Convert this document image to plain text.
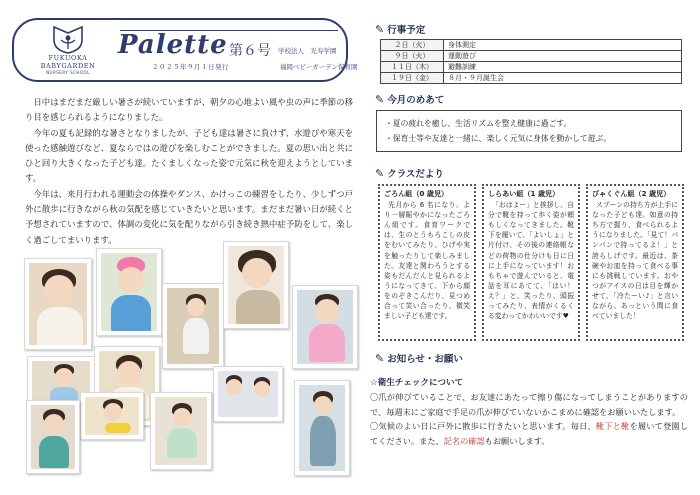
FUKUOKA BABYGARDEN
NURSERY SCHOOL
Palette 第６号 学校法人　光寿学園
２０２５年９月１日発行	福岡ベビーガーデン保育園

日中はまだまだ厳しい暑さが続いていますが、朝夕の心地よい風や虫の声に季節の移り目を感じられるようになりました。

今年の夏も記録的な暑さとなりましたが、子ども達は暑さに負けず、水遊びや寒天を使った感触遊びなど、夏ならではの遊びを楽しむことができました。夏の思い出と共にひと回り大きくなった子ども達。たくましくなった姿で元気に秋を迎えようとしています。

今年は、来月行われる運動会の体操やダンス、かけっこの練習をしたり、少しずつ戸外に散歩に行きながら秋の気配を感じていきたいと思います。まだまだ暑い日が続くと予想されていますので、体調の変化に気を配りながら引き続き熱中症予防をして、楽しく過ごしてまいります。

✎ 行事予定
２日（火）	身体測定
９日（火）	運動遊び
１１日（木）	避難訓練
１９日（金）	８月・９月誕生会
✎ 今月のめあて
・夏の疲れを癒し、生活リズムを整え健康に過ごす。
・保育士等や友達と一緒に、楽しく元気に身体を動かして遊ぶ。
✎ クラスだより
ごろん組（0 歳児）
先月から 6 名になり、より一層賑やかになったごろん組です。食育ワークでは、生のとうもろこしの皮をむいてみたり、ひげや実を触ったりして楽しみました。友達と関わろうとする姿もだんだんと見られるようになってきて、下から顔をのぞきこんだり、見つめ合って笑い合ったり、微笑ましい子ども達です。
しらあい組（1 歳児）
「おはよー」と挨拶し、自分で靴を持って歩く姿が頼もしくなってきました。靴下を履いて、「よいしょ」と片付け、その後の連絡帳などの荷物の仕分けも日に日に上手になっています！おもちゃで遊んでいると、電話を耳にあてて、「はい！え？」と、笑ったり、頭振ってみたり、表情がくるくる変わってかわいいです♥
びゃくぐん組（2 歳児）
スプーンの持ち方が上手になった子ども達。如意の持ち方で握り、食べられるようになりました。「見て！パンパンで持ってるよ！」と誇らしげです。最近は、茶碗やお皿を持って食べる事にも挑戦しています。おやつがアイスの日は目を輝かせて、「冷たーい♪」と言いながら、あっという間に食べていました！
✎ お知らせ・お願い
☆衛生チェックについて
〇爪が伸びていることで、お友達にあたって擦り傷になってしまうことがありますので、毎週末にご家庭で手足の爪が伸びていないかこまめに確認をお願いいたします。
〇気候のよい日に戸外に散歩に行きたいと思います。毎日、靴下と靴を履いて登園してください。また、記名の確認もお願いします。
